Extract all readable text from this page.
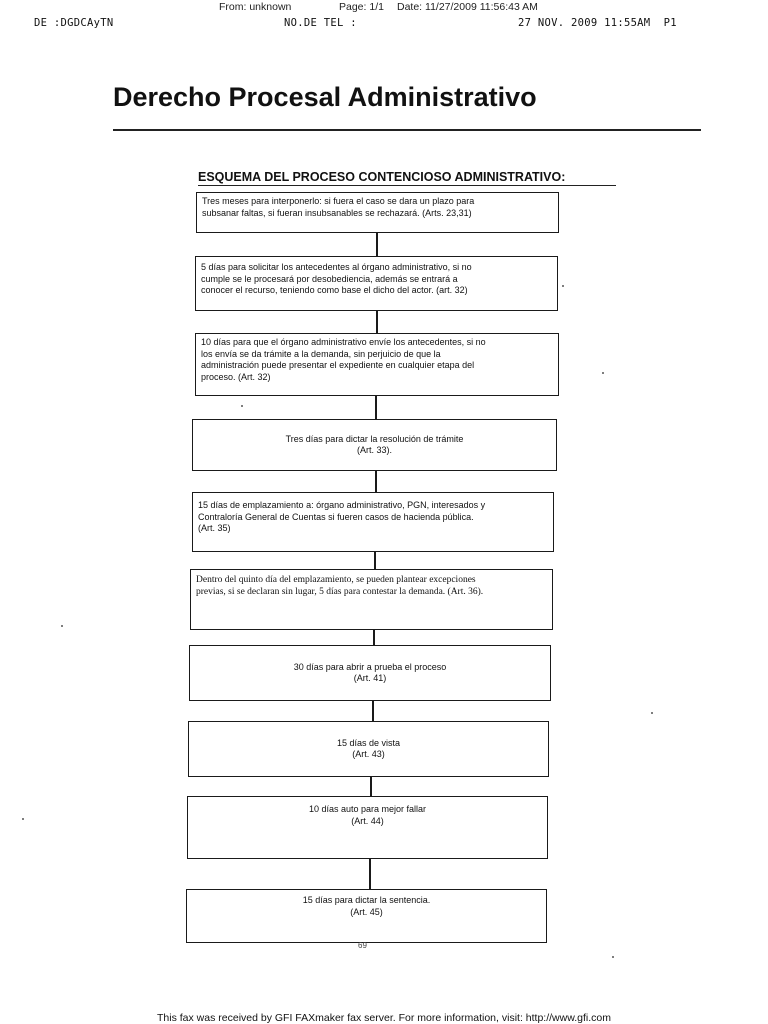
From: unknown	Page: 1/1 Date: 11/27/2009 11:56:43 AM
DE :DGDCAyTN	NO.DE TEL :	27 NOV. 2009 11:55AM  P1
Derecho Procesal Administrativo
ESQUEMA DEL PROCESO CONTENCIOSO ADMINISTRATIVO:
Tres meses para interponerlo: si fuera el caso se dara un plazo para
subsanar faltas, si fueran insubsanables se rechazará. (Arts. 23,31)
5 días para solicitar los antecedentes al órgano administrativo, si no
cumple se le procesará por desobediencia, además se entrará a
conocer el recurso, teniendo como base el dicho del actor. (art. 32)
10 días para que el órgano administrativo envíe los antecedentes, si no
los envía se da trámite a la demanda, sin perjuicio de que la
administración puede presentar el expediente en cualquier etapa del
proceso. (Art. 32)
Tres días para dictar la resolución de trámite
(Art. 33).
15 días de emplazamiento a: órgano administrativo, PGN, interesados y
Contraloría General de Cuentas si fueren casos de hacienda pública.
(Art. 35)
Dentro del quinto día del emplazamiento, se pueden plantear excepciones
previas, si se declaran sin lugar, 5 días para contestar la demanda. (Art. 36).
30 días para abrir a prueba el proceso
(Art. 41)
15 días de vista
(Art. 43)
10 días auto para mejor fallar
(Art. 44)
15 días para dictar la sentencia.
(Art. 45)
69
This fax was received by GFI FAXmaker fax server. For more information, visit: http://www.gfi.com
